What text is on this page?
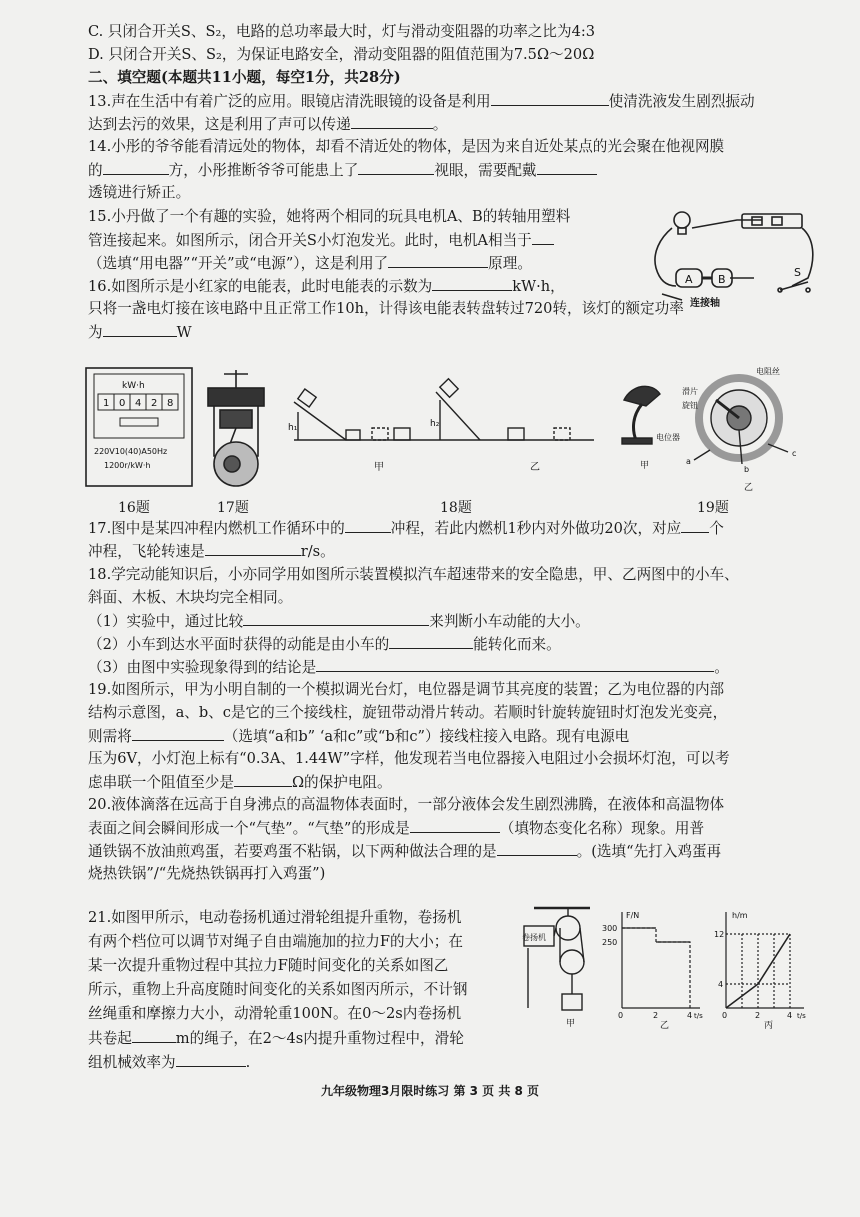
C. 只闭合开关S、S₂，电路的总功率最大时，灯与滑动变阻器的功率之比为4:3
D. 只闭合开关S、S₂，为保证电路安全，滑动变阻器的阻值范围为7.5Ω～20Ω
二、填空题(本题共11小题，每空1分，共28分)
13.声在生活中有着广泛的应用。眼镜店清洗眼镜的设备是利用	使清洗液发生剧烈振动
达到去污的效果，这是利用了声可以传递	。
14.小彤的爷爷能看清远处的物体，却看不清近处的物体，是因为来自近处某点的光会聚在他视网膜
的	方，小彤推断爷爷可能患上了	视眼，需要配戴
透镜进行矫正。
15.小丹做了一个有趣的实验，她将两个相同的玩具电机A、B的转轴用塑料
管连接起来。如图所示，闭合开关S小灯泡发光。此时，电机A相当于
（选填“用电器”“开关”或“电源”），这是利用了	原理。
16.如图所示是小红家的电能表，此时电能表的示数为	kW·h，
只将一盏电灯接在该电路中且正常工作10h，计得该电能表转盘转过720转，该灯的额定功率
为	W
A B
S
连接轴
kW·h
1 0 4 2 8
220V10(40)A50Hz
1200r/kW·h
h₁
甲
h₂
乙
电位器
甲
电阻丝
滑片
旋钮
a
b
c
乙
16题	17题	18题	19题
17.图中是某四冲程内燃机工作循环中的	冲程，若此内燃机1秒内对外做功20次，对应 个
冲程，飞轮转速是	r/s。
18.学完动能知识后，小亦同学用如图所示装置模拟汽车超速带来的安全隐患，甲、乙两图中的小车、
斜面、木板、木块均完全相同。
（1）实验中，通过比较	来判断小车动能的大小。
（2）小车到达水平面时获得的动能是由小车的	能转化而来。
（3）由图中实验现象得到的结论是	。
19.如图所示，甲为小明自制的一个模拟调光台灯，电位器是调节其亮度的装置；乙为电位器的内部
结构示意图，a、b、c是它的三个接线柱，旋钮带动滑片转动。若顺时针旋转旋钮时灯泡发光变亮，
则需将	（选填“a和b” ‘a和c”或“b和c”）接线柱接入电路。现有电源电
压为6V，小灯泡上标有“0.3A、1.44W”字样，他发现若当电位器接入电阻过小会损坏灯泡，可以考
虑串联一个阻值至少是	Ω的保护电阻。
20.液体滴落在远高于自身沸点的高温物体表面时，一部分液体会发生剧烈沸腾，在液体和高温物体
表面之间会瞬间形成一个“气垫”。“气垫”的形成是	（填物态变化名称）现象。用普
通铁锅不放油煎鸡蛋，若要鸡蛋不粘锅，以下两种做法合理的是	。(选填“先打入鸡蛋再
烧热铁锅”/“先烧热铁锅再打入鸡蛋”)
21.如图甲所示，电动卷扬机通过滑轮组提升重物，卷扬机
有两个档位可以调节对绳子自由端施加的拉力F的大小；在
某一次提升重物过程中其拉力F随时间变化的关系如图乙
所示，重物上升高度随时间变化的关系如图丙所示，不计钢
丝绳重和摩擦力大小，动滑轮重100N。在0～2s内卷扬机
共卷起	m的绳子，在2～4s内提升重物过程中，滑轮
组机械效率为	.
卷扬机
甲
F/N
300
250
0	2	4 t/s
乙
h/m
12
4
0	2	4 t/s
丙
九年级物理3月限时练习 第 3 页 共 8 页
